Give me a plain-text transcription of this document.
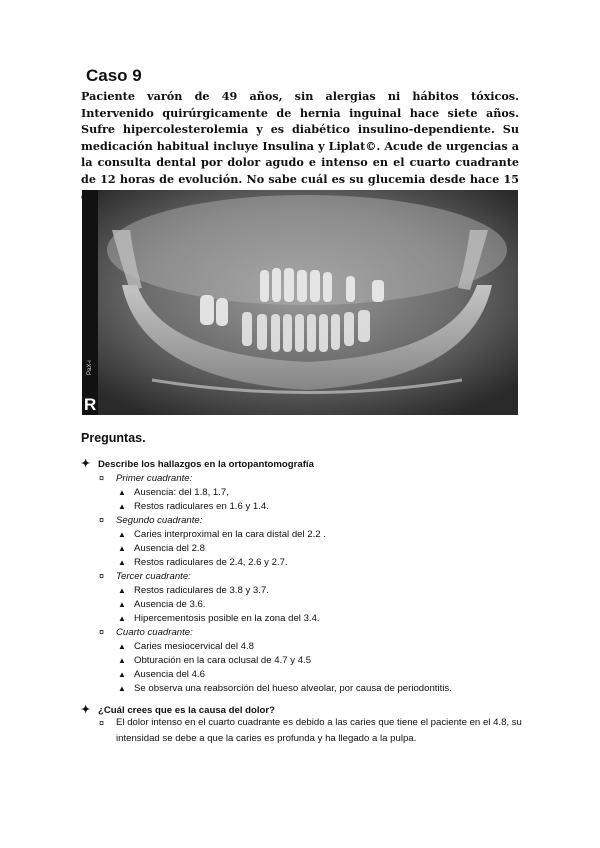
Caso 9

Paciente varón de 49 años, sin alergias ni hábitos tóxicos. Intervenido quirúrgicamente de hernia inguinal hace siete años. Sufre hipercolesterolemia y es diabético insulino-dependiente. Su medicación habitual incluye Insulina y Liplat©. Acude de urgencias a la consulta dental por dolor agudo e intenso en el cuarto cuadrante de 12 horas de evolución. No sabe cuál es su glucemia desde hace 15

PaX-i
R
Preguntas.
✦ Describe los hallazgos en la ortopantomografía
¤ Primer cuadrante:
▲ Ausencia: del 1.8, 1.7,
▲ Restos radiculares en 1.6 y 1.4.
¤ Segundo cuadrante:
▲ Caries interproximal en la cara distal del 2.2 .
▲ Ausencia del 2.8
▲ Restos radiculares de 2.4, 2.6 y 2.7.
¤ Tercer cuadrante:
▲ Restos radiculares de 3.8 y 3.7.
▲ Ausencia de 3.6.
▲ Hipercementosis posible en la zona del 3.4.
¤ Cuarto cuadrante:
▲ Caries mesiocervical del 4.8
▲ Obturación en la cara oclusal de 4.7 y 4.5
▲ Ausencia del 4.6
▲ Se observa una reabsorción del hueso alveolar, por causa de periodontitis.
✦ ¿Cuál crees que es la causa del dolor?
¤ El dolor intenso en el cuarto cuadrante es debido a las caries que tiene el paciente en el 4.8, su intensidad se debe a que la caries es profunda y ha llegado a la pulpa.
